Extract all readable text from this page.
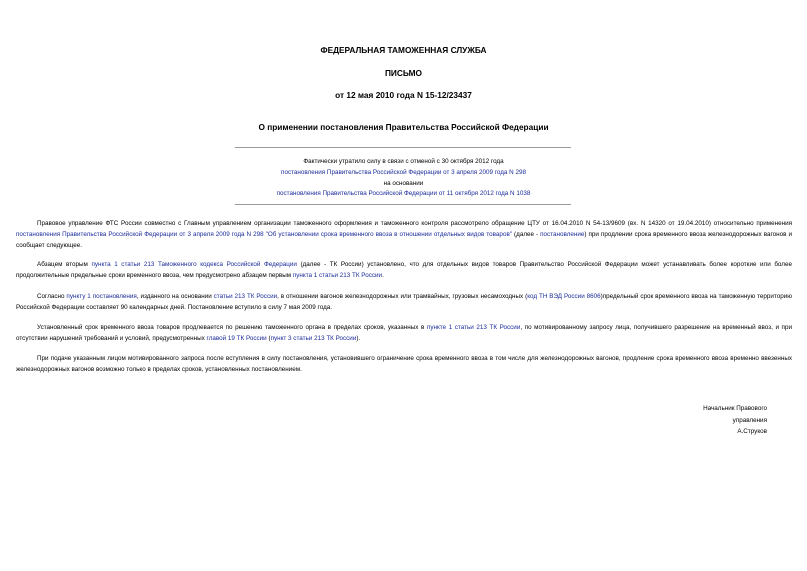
ФЕДЕРАЛЬНАЯ ТАМОЖЕННАЯ СЛУЖБА
ПИСЬМО
от 12 мая 2010 года N 15-12/23437
О применении постановления Правительства Российской Федерации
Фактически утратило силу в связи с отменой с 30 октября 2012 года
постановления Правительства Российской Федерации от 3 апреля 2009 года N 298
на основании
постановления Правительства Российской Федерации от 11 октября 2012 года N 1038
Правовое управление ФТС России совместно с Главным управлением организации таможенного оформления и таможенного контроля рассмотрело обращение ЦТУ от 16.04.2010 N 54-13/9609 (вх. N 14320 от 19.04.2010) относительно применения постановления Правительства Российской Федерации от 3 апреля 2009 года N 298 "Об установлении срока временного ввоза в отношении отдельных видов товаров" (далее - постановление) при продлении срока временного ввоза железнодорожных вагонов и сообщает следующее.
Абзацем вторым пункта 1 статьи 213 Таможенного кодекса Российской Федерации (далее - ТК России) установлено, что для отдельных видов товаров Правительство Российской Федерации может устанавливать более короткие или более продолжительные предельные сроки временного ввоза, чем предусмотрено абзацем первым пункта 1 статьи 213 ТК России.
Согласно пункту 1 постановления, изданного на основании статьи 213 ТК России, в отношении вагонов железнодорожных или трамвайных, грузовых несамоходных (код ТН ВЭД России 8606)предельный срок временного ввоза на таможенную территорию Российской Федерации составляет 90 календарных дней. Постановление вступило в силу 7 мая 2009 года.
Установленный срок временного ввоза товаров продлевается по решению таможенного органа в пределах сроков, указанных в пункте 1 статьи 213 ТК России, по мотивированному запросу лица, получившего разрешение на временный ввоз, и при отсутствии нарушений требований и условий, предусмотренных главой 19 ТК России (пункт 3 статьи 213 ТК России).
При подаче указанным лицом мотивированного запроса после вступления в силу постановления, установившего ограничение срока временного ввоза в том числе для железнодорожных вагонов, продление срока временного ввоза временно ввезенных железнодорожных вагонов возможно только в пределах сроков, установленных постановлением.
Начальник Правового
управления
А.Струков
